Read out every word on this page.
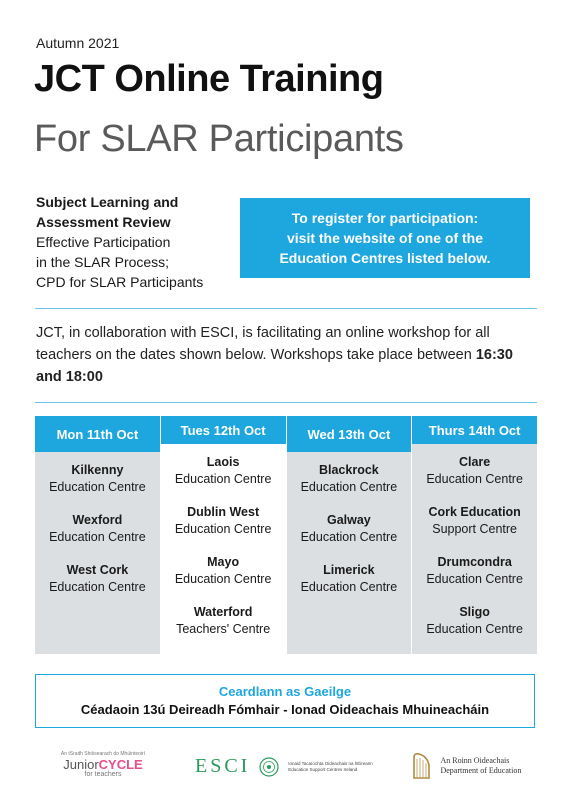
Autumn 2021
JCT Online Training
For SLAR Participants
Subject Learning and
Assessment Review
Effective Participation
in the SLAR Process;
CPD for SLAR Participants
To register for participation:
visit the website of one of the
Education Centres listed below.
JCT, in collaboration with ESCI, is facilitating an online workshop for all teachers on the dates shown below. Workshops take place between 16:30 and 18:00
Mon 11th Oct
Kilkenny
Education Centre
Wexford
Education Centre
West Cork
Education Centre
Tues 12th Oct
Laois
Education Centre
Dublin West
Education Centre
Mayo
Education Centre
Waterford
Teachers' Centre
Wed 13th Oct
Blackrock
Education Centre
Galway
Education Centre
Limerick
Education Centre
Thurs 14th Oct
Clare
Education Centre
Cork Education
Support Centre
Drumcondra
Education Centre
Sligo
Education Centre
Ceardlann as Gaeilge
Céadaoin 13ú Deireadh Fómhair - Ionad Oideachais Mhuineacháin
An tSraith Shóisearach do Mhúinteoirí
JuniorCYCLE
for teachers	ESCI	Ionaid Tacaíochta Oideachais na hÉireann
Education Support Centres Ireland
An Roinn Oideachais
Department of Education
